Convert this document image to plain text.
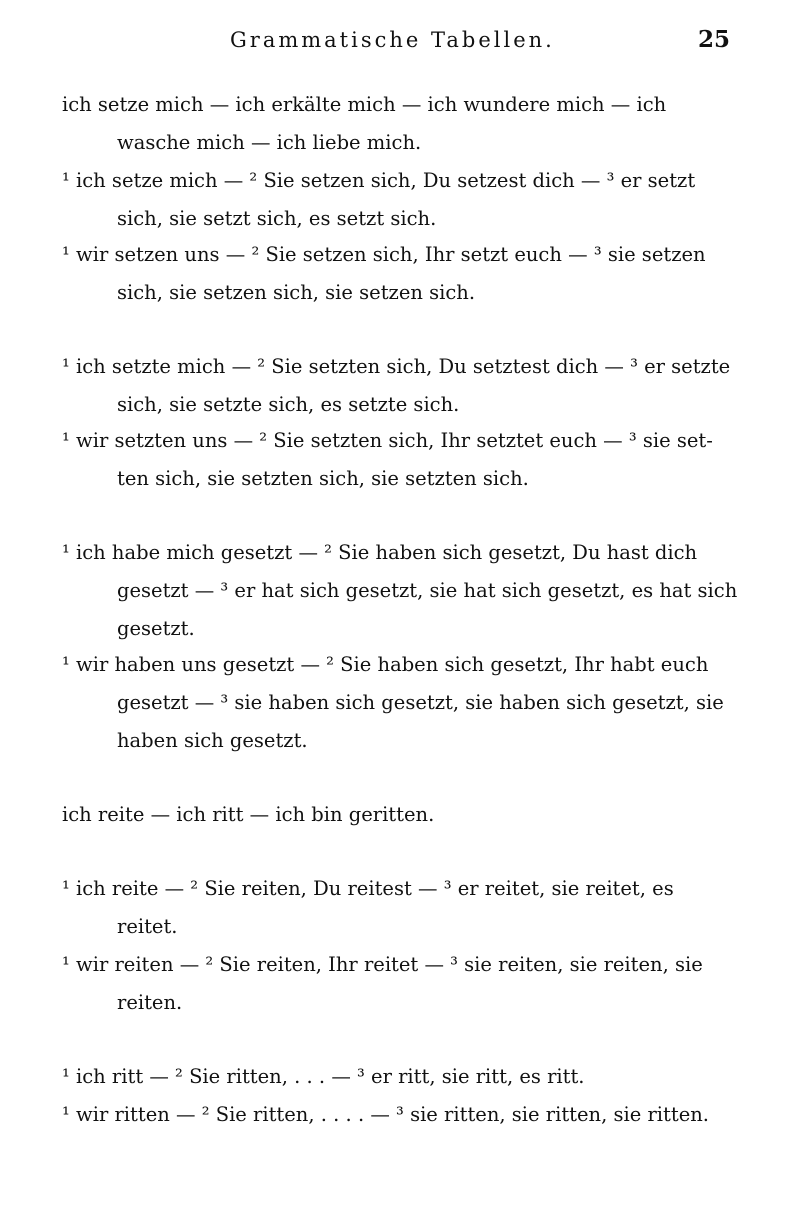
Grammatische Tabellen.	25

ich setze mich — ich erkälte mich — ich wundere mich — ich
wasche mich — ich liebe mich.

¹ ich setze mich — ² Sie setzen sich, Du setzest dich — ³ er setzt
sich, sie setzt sich, es setzt sich.

¹ wir setzen uns — ² Sie setzen sich, Ihr setzt euch — ³ sie setzen
sich, sie setzen sich, sie setzen sich.

¹ ich setzte mich — ² Sie setzten sich, Du setztest dich — ³ er setzte
sich, sie setzte sich, es setzte sich.

¹ wir setzten uns — ² Sie setzten sich, Ihr setztet euch — ³ sie set-
ten sich, sie setzten sich, sie setzten sich.

¹ ich habe mich gesetzt — ² Sie haben sich gesetzt, Du hast dich
gesetzt — ³ er hat sich gesetzt, sie hat sich gesetzt, es hat sich
gesetzt.

¹ wir haben uns gesetzt — ² Sie haben sich gesetzt, Ihr habt euch
gesetzt — ³ sie haben sich gesetzt, sie haben sich gesetzt, sie
haben sich gesetzt.

ich reite — ich ritt — ich bin geritten.

¹ ich reite — ² Sie reiten, Du reitest — ³ er reitet, sie reitet, es
reitet.

¹ wir reiten — ² Sie reiten, Ihr reitet — ³ sie reiten, sie reiten, sie
reiten.

¹ ich ritt — ² Sie ritten, . . . — ³ er ritt, sie ritt, es ritt.

¹ wir ritten — ² Sie ritten, . . . . — ³ sie ritten, sie ritten, sie ritten.
